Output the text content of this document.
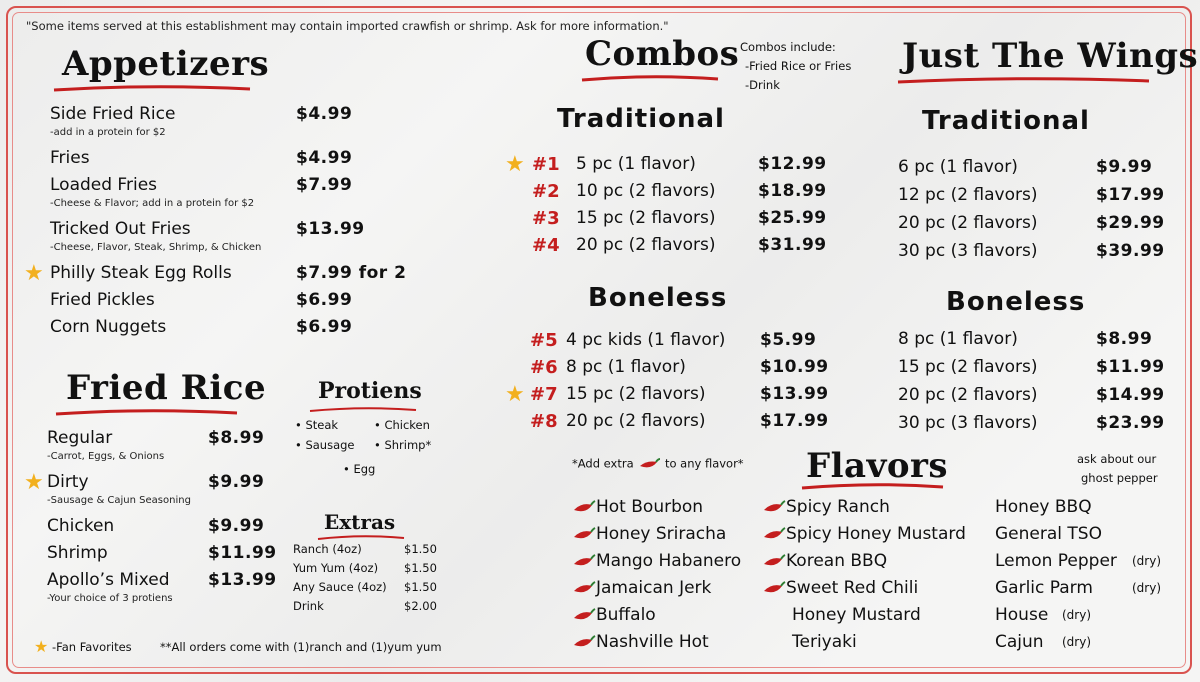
"Some items served at this establishment may contain imported crawfish or shrimp. Ask for more information."
Appetizers
Side Fried Rice	$4.99
-add in a protein for $2
Fries	$4.99
Loaded Fries	$7.99
-Cheese & Flavor; add in a protein for $2
Tricked Out Fries	$13.99
-Cheese, Flavor, Steak, Shrimp, & Chicken
★ Philly Steak Egg Rolls	$7.99 for 2
Fried Pickles	$6.99
Corn Nuggets	$6.99
Fried Rice
Regular	$8.99
-Carrot, Eggs, & Onions
★ Dirty	$9.99
-Sausage & Cajun Seasoning
Chicken	$9.99
Shrimp	$11.99
Apollo’s Mixed $13.99
-Your choice of 3 protiens
Protiens
• Steak	• Chicken
• Sausage • Shrimp*
• Egg
Extras
Ranch (4oz)	$1.50
Yum Yum (4oz) $1.50
Any Sauce (4oz) $1.50
Drink	$2.00
★ -Fan Favorites **All orders come with (1)ranch and (1)yum yum
Combos Combos include:
-Fried Rice or Fries
-Drink
Traditional
★ #1 5 pc (1 flavor)	$12.99
#2 10 pc (2 flavors)	$18.99
#3 15 pc (2 flavors)	$25.99
#4 20 pc (2 flavors)	$31.99
Boneless
#5 4 pc kids (1 flavor) $5.99
#6 8 pc (1 flavor)	$10.99
★ #7 15 pc (2 flavors)	$13.99
#8 20 pc (2 flavors)	$17.99
Just The Wings
Traditional
6 pc (1 flavor)	$9.99
12 pc (2 flavors)	$17.99
20 pc (2 flavors)	$29.99
30 pc (3 flavors)	$39.99
Boneless
8 pc (1 flavor)	$8.99
15 pc (2 flavors)	$11.99
20 pc (2 flavors)	$14.99
30 pc (3 flavors)	$23.99
*Add extra	to any flavor* Flavors	ask about our
ghost pepper
Hot Bourbon
Honey Sriracha
Mango Habanero
Jamaican Jerk
Buffalo
Nashville Hot
Spicy Ranch
Spicy Honey Mustard
Korean BBQ
Sweet Red Chili
Honey Mustard
Teriyaki
Honey BBQ
General TSO
Lemon Pepper (dry)
Garlic Parm	(dry)
House (dry)
Cajun (dry)
